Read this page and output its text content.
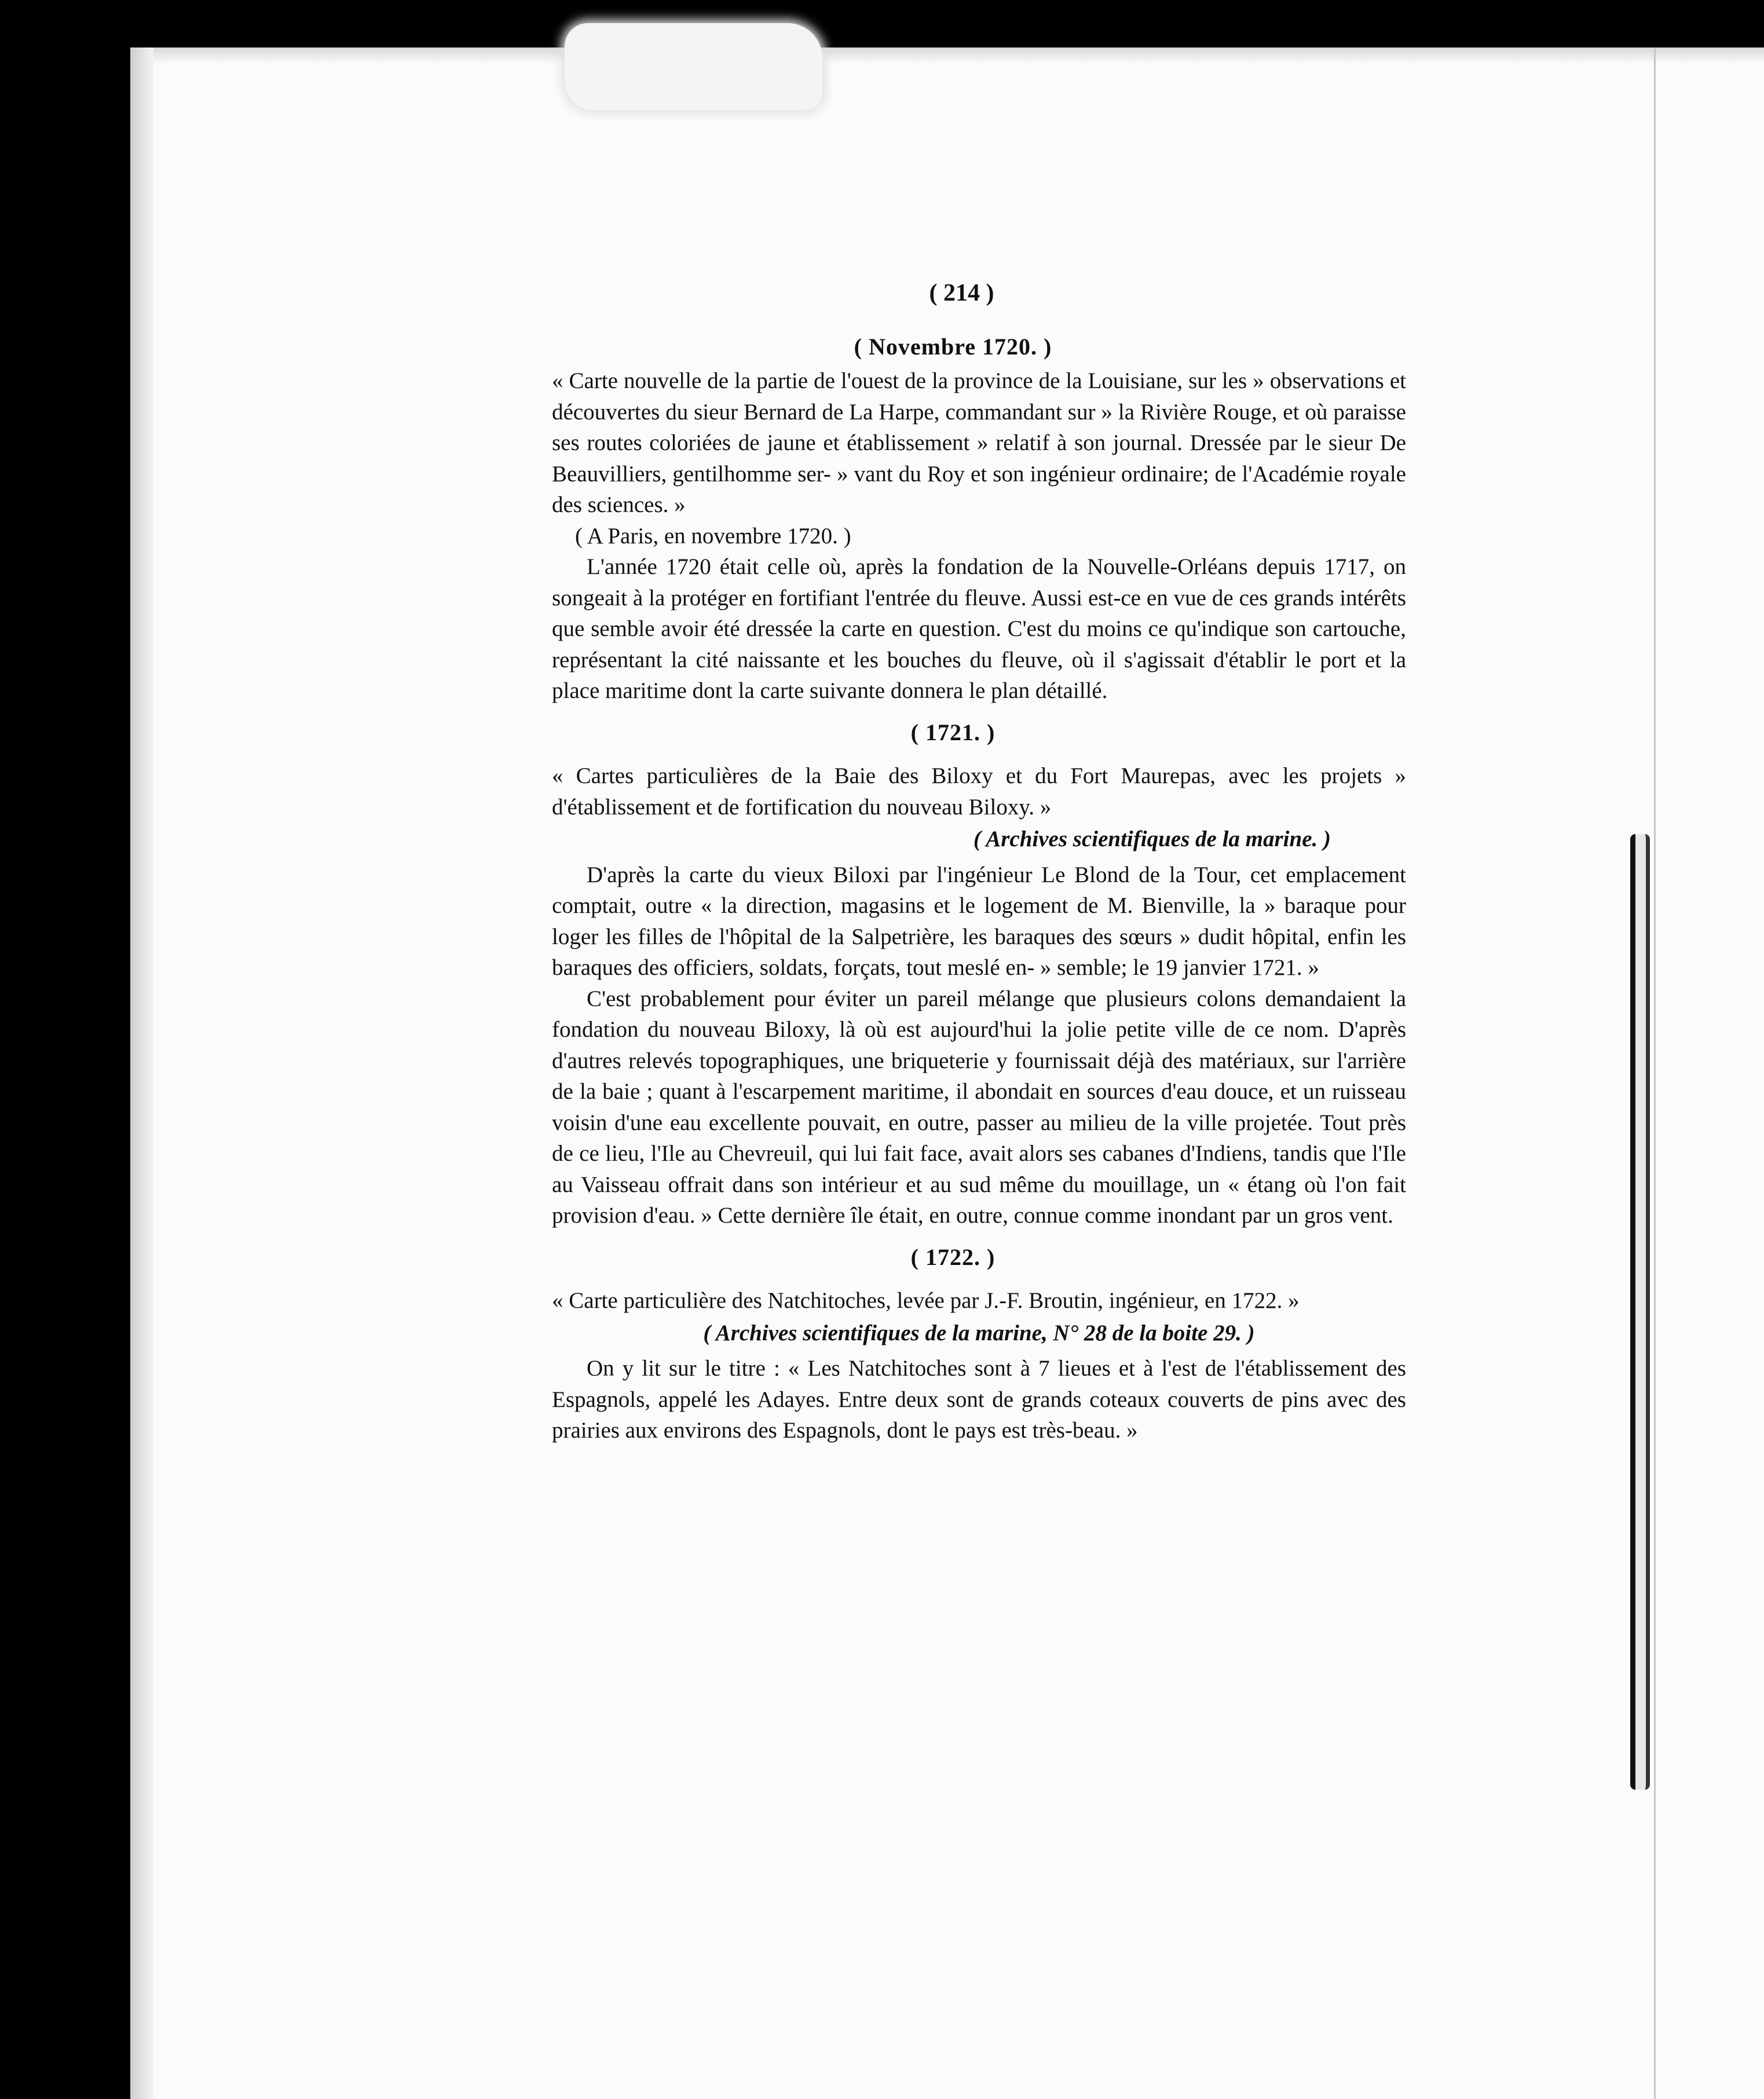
( 214 )
( Novembre 1720. )

« Carte nouvelle de la partie de l'ouest de la province de la Louisiane, sur les » observations et découvertes du sieur Bernard de La Harpe, commandant sur » la Rivière Rouge, et où paraisse ses routes coloriées de jaune et établissement » relatif à son journal. Dressée par le sieur De Beauvilliers, gentilhomme ser- » vant du Roy et son ingénieur ordinaire; de l'Académie royale des sciences. »

( A Paris, en novembre 1720. )

L'année 1720 était celle où, après la fondation de la Nouvelle-Orléans depuis 1717, on songeait à la protéger en fortifiant l'entrée du fleuve. Aussi est-ce en vue de ces grands intérêts que semble avoir été dressée la carte en question. C'est du moins ce qu'indique son cartouche, représentant la cité naissante et les bouches du fleuve, où il s'agissait d'établir le port et la place maritime dont la carte suivante donnera le plan détaillé.

( 1721. )

« Cartes particulières de la Baie des Biloxy et du Fort Maurepas, avec les projets » d'établissement et de fortification du nouveau Biloxy. »

( Archives scientifiques de la marine. )

D'après la carte du vieux Biloxi par l'ingénieur Le Blond de la Tour, cet emplacement comptait, outre « la direction, magasins et le logement de M. Bienville, la » baraque pour loger les filles de l'hôpital de la Salpetrière, les baraques des sœurs » dudit hôpital, enfin les baraques des officiers, soldats, forçats, tout meslé en- » semble; le 19 janvier 1721. »

C'est probablement pour éviter un pareil mélange que plusieurs colons demandaient la fondation du nouveau Biloxy, là où est aujourd'hui la jolie petite ville de ce nom. D'après d'autres relevés topographiques, une briqueterie y fournissait déjà des matériaux, sur l'arrière de la baie ; quant à l'escarpement maritime, il abondait en sources d'eau douce, et un ruisseau voisin d'une eau excellente pouvait, en outre, passer au milieu de la ville projetée. Tout près de ce lieu, l'Ile au Chevreuil, qui lui fait face, avait alors ses cabanes d'Indiens, tandis que l'Ile au Vaisseau offrait dans son intérieur et au sud même du mouillage, un « étang où l'on fait provision d'eau. » Cette dernière île était, en outre, connue comme inondant par un gros vent.

( 1722. )

« Carte particulière des Natchitoches, levée par J.-F. Broutin, ingénieur, en 1722. »

( Archives scientifiques de la marine, N° 28 de la boite 29. )

On y lit sur le titre : « Les Natchitoches sont à 7 lieues et à l'est de l'établissement des Espagnols, appelé les Adayes. Entre deux sont de grands coteaux couverts de pins avec des prairies aux environs des Espagnols, dont le pays est très-beau. »
